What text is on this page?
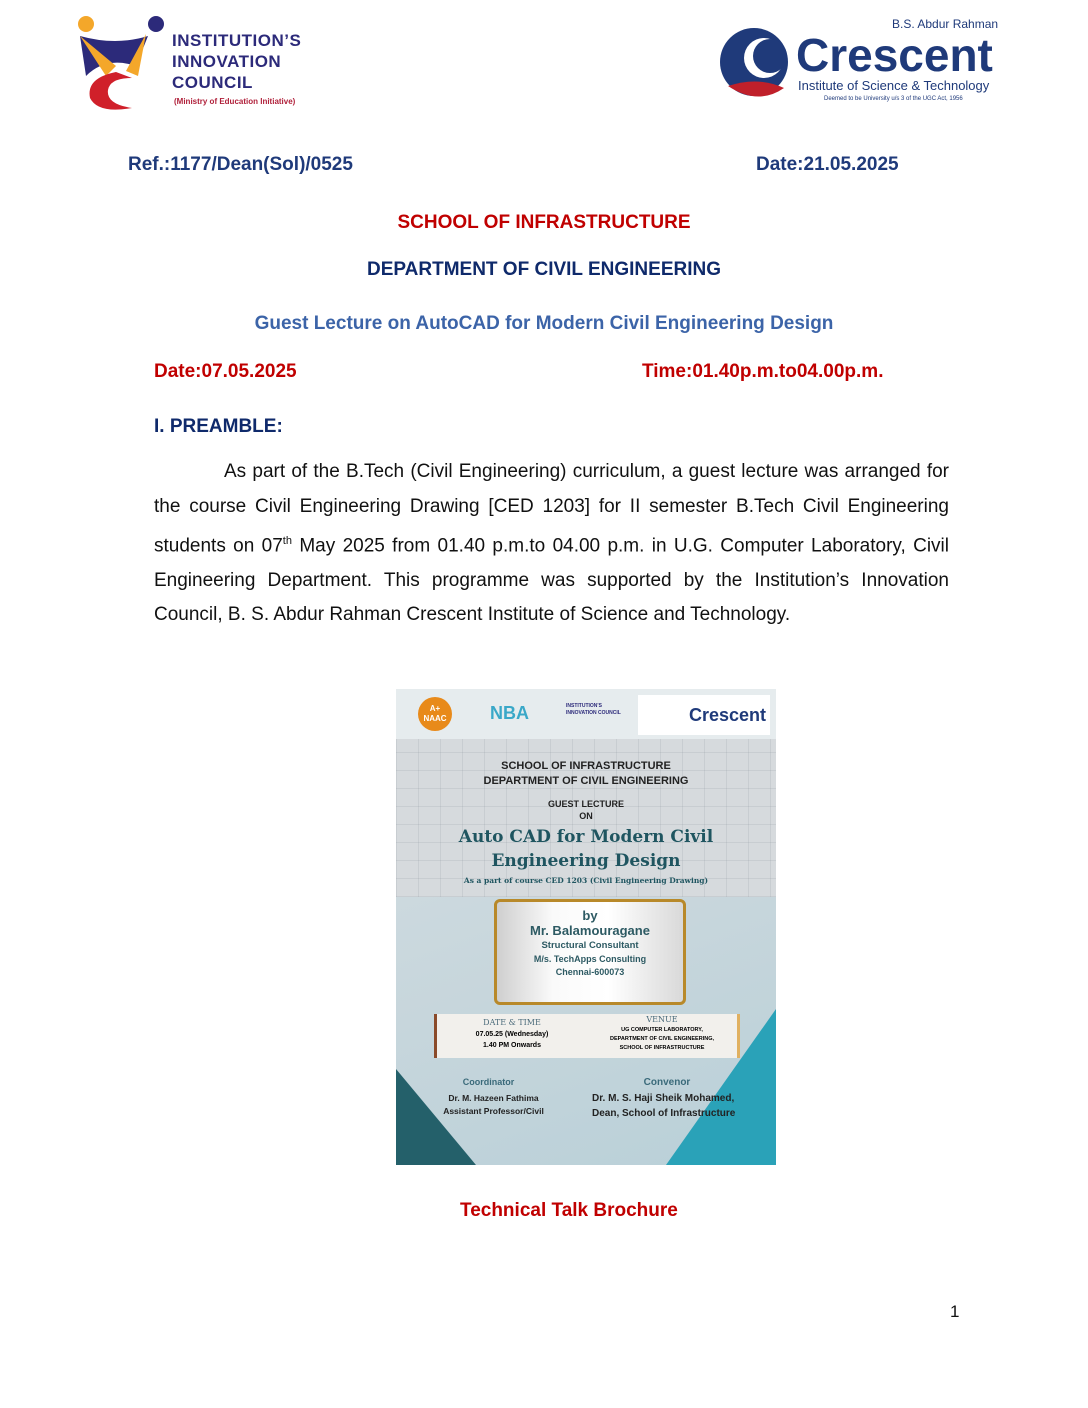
INSTITUTION’S
INNOVATION
COUNCIL
(Ministry of Education Initiative)
B.S. Abdur Rahman
Crescent
Institute of Science & Technology
Deemed to be University u/s 3 of the UGC Act, 1956
Ref.:1177/Dean(Sol)/0525	Date:21.05.2025
SCHOOL OF INFRASTRUCTURE
DEPARTMENT OF CIVIL ENGINEERING
Guest Lecture on AutoCAD for Modern Civil Engineering Design
Date:07.05.2025	Time:01.40p.m.to04.00p.m.
I. PREAMBLE:
As part of the B.Tech (Civil Engineering) curriculum, a guest lecture was arranged for the course Civil Engineering Drawing [CED 1203] for II semester B.Tech Civil Engineering students on 07th May 2025 from 01.40 p.m.to 04.00 p.m. in U.G. Computer Laboratory, Civil Engineering Department. This programme was supported by the Institution’s Innovation Council, B. S. Abdur Rahman Crescent Institute of Science and Technology.
A+ NAAC	NBA	INSTITUTION'S INNOVATION COUNCIL	Crescent
SCHOOL OF INFRASTRUCTURE
DEPARTMENT OF CIVIL ENGINEERING
GUEST LECTURE
ON
Auto CAD for Modern Civil
Engineering Design
As a part of course CED 1203 (Civil Engineering Drawing)
by
Mr. Balamouragane
Structural Consultant
M/s. TechApps Consulting
Chennai-600073
DATE & TIME
07.05.25 (Wednesday)
1.40 PM Onwards
VENUE
UG COMPUTER LABORATORY,
DEPARTMENT OF CIVIL ENGINEERING,
SCHOOL OF INFRASTRUCTURE
Coordinator
Dr. M. Hazeen Fathima
Assistant Professor/Civil
Convenor
Dr. M. S. Haji Sheik Mohamed,
Dean, School of Infrastructure
Technical Talk Brochure
1
